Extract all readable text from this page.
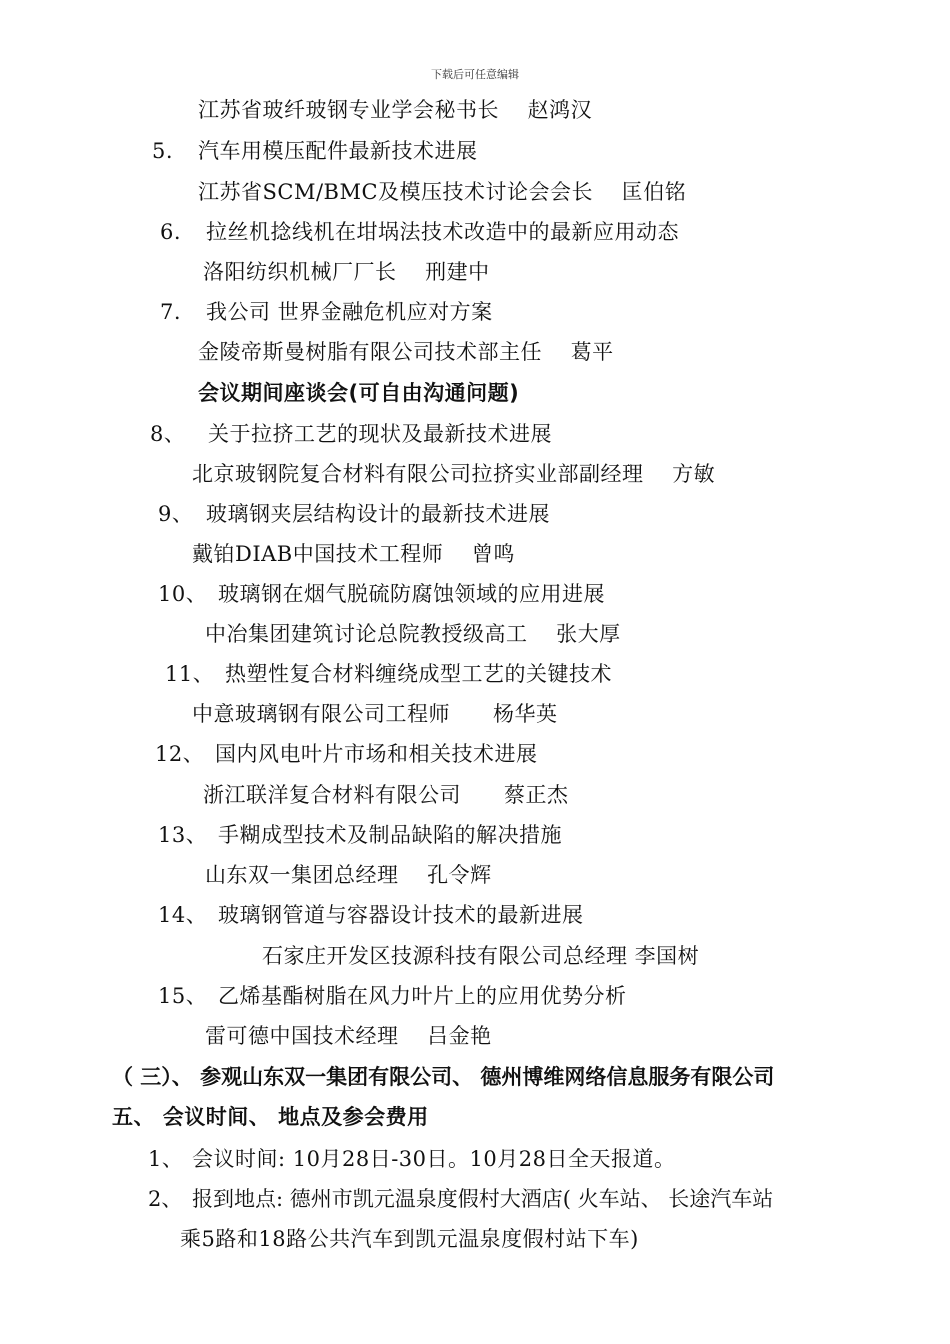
下载后可任意编辑
江苏省玻纤玻钢专业学会秘书长　 赵鸿汉
5. 汽车用模压配件最新技术进展
江苏省SCM/BMC及模压技术讨论会会长　 匡伯铭
6. 拉丝机捻线机在坩埚法技术改造中的最新应用动态
洛阳纺织机械厂厂长　 刑建中
7. 我公司 世界金融危机应对方案
金陵帝斯曼树脂有限公司技术部主任　 葛平
会议期间座谈会(可自由沟通问题)
8、 关于拉挤工艺的现状及最新技术进展
北京玻钢院复合材料有限公司拉挤实业部副经理　 方敏
9、 玻璃钢夹层结构设计的最新技术进展
戴铂DIAB中国技术工程师　 曾鸣
10、 玻璃钢在烟气脱硫防腐蚀领域的应用进展
中冶集团建筑讨论总院教授级高工　 张大厚
11、 热塑性复合材料缠绕成型工艺的关键技术
中意玻璃钢有限公司工程师　　杨华英
12、 国内风电叶片市场和相关技术进展
浙江联洋复合材料有限公司　　蔡正杰
13、 手糊成型技术及制品缺陷的解决措施
山东双一集团总经理　 孔令辉
14、 玻璃钢管道与容器设计技术的最新进展
石家庄开发区技源科技有限公司总经理 李国树
15、 乙烯基酯树脂在风力叶片上的应用优势分析
雷可德中国技术经理　 吕金艳
（ 三）、 参观山东双一集团有限公司、 德州博维网络信息服务有限公司
五、 会议时间、 地点及参会费用
1、 会议时间: 10月28日-30日。10月28日全天报道。
2、 报到地点: 德州市凯元温泉度假村大酒店( 火车站、 长途汽车站
乘5路和18路公共汽车到凯元温泉度假村站下车)
